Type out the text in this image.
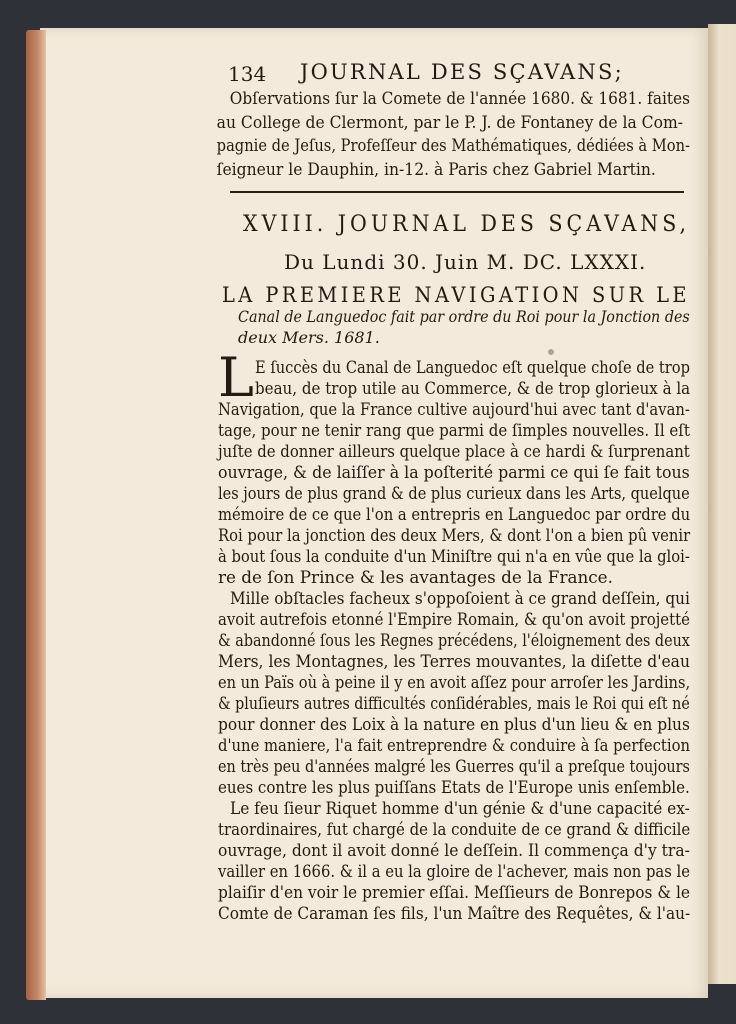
134 JOURNAL DES SÇAVANS;
Obſervations ſur la Comete de l'année 1680. & 1681. faites
au College de Clermont, par le P. J. de Fontaney de la Com-
pagnie de Jeſus, Profeſſeur des Mathématiques, dédiées à Mon-
ſeigneur le Dauphin, in-12. à Paris chez Gabriel Martin.
XVIII. JOURNAL DES SÇAVANS,
Du Lundi 30. Juin M. DC. LXXXI.
LA PREMIERE NAVIGATION SUR LE
Canal de Languedoc fait par ordre du Roi pour la Jonction des
deux Mers. 1681.
L E ſuccès du Canal de Languedoc eſt quelque choſe de trop
beau, de trop utile au Commerce, & de trop glorieux à la
Navigation, que la France cultive aujourd'hui avec tant d'avan-
tage, pour ne tenir rang que parmi de ſimples nouvelles. Il eſt
juſte de donner ailleurs quelque place à ce hardi & ſurprenant
ouvrage, & de laiſſer à la poſterité parmi ce qui ſe fait tous
les jours de plus grand & de plus curieux dans les Arts, quelque
mémoire de ce que l'on a entrepris en Languedoc par ordre du
Roi pour la jonction des deux Mers, & dont l'on a bien pû venir
à bout ſous la conduite d'un Miniſtre qui n'a en vûe que la gloi-
re de ſon Prince & les avantages de la France.
Mille obſtacles facheux s'oppoſoient à ce grand deſſein, qui
avoit autrefois etonné l'Empire Romain, & qu'on avoit projetté
& abandonné ſous les Regnes précédens, l'éloignement des deux
Mers, les Montagnes, les Terres mouvantes, la diſette d'eau
en un Païs où à peine il y en avoit aſſez pour arroſer les Jardins,
& pluſieurs autres difficultés conſidérables, mais le Roi qui eſt né
pour donner des Loix à la nature en plus d'un lieu & en plus
d'une maniere, l'a fait entreprendre & conduire à ſa perfection
en très peu d'années malgré les Guerres qu'il a preſque toujours
eues contre les plus puiſſans Etats de l'Europe unis enſemble.
Le feu ſieur Riquet homme d'un génie & d'une capacité ex-
traordinaires, fut chargé de la conduite de ce grand & difficile
ouvrage, dont il avoit donné le deſſein. Il commença d'y tra-
vailler en 1666. & il a eu la gloire de l'achever, mais non pas le
plaiſir d'en voir le premier eſſai. Meſſieurs de Bonrepos & le
Comte de Caraman ſes fils, l'un Maître des Requêtes, & l'au-
